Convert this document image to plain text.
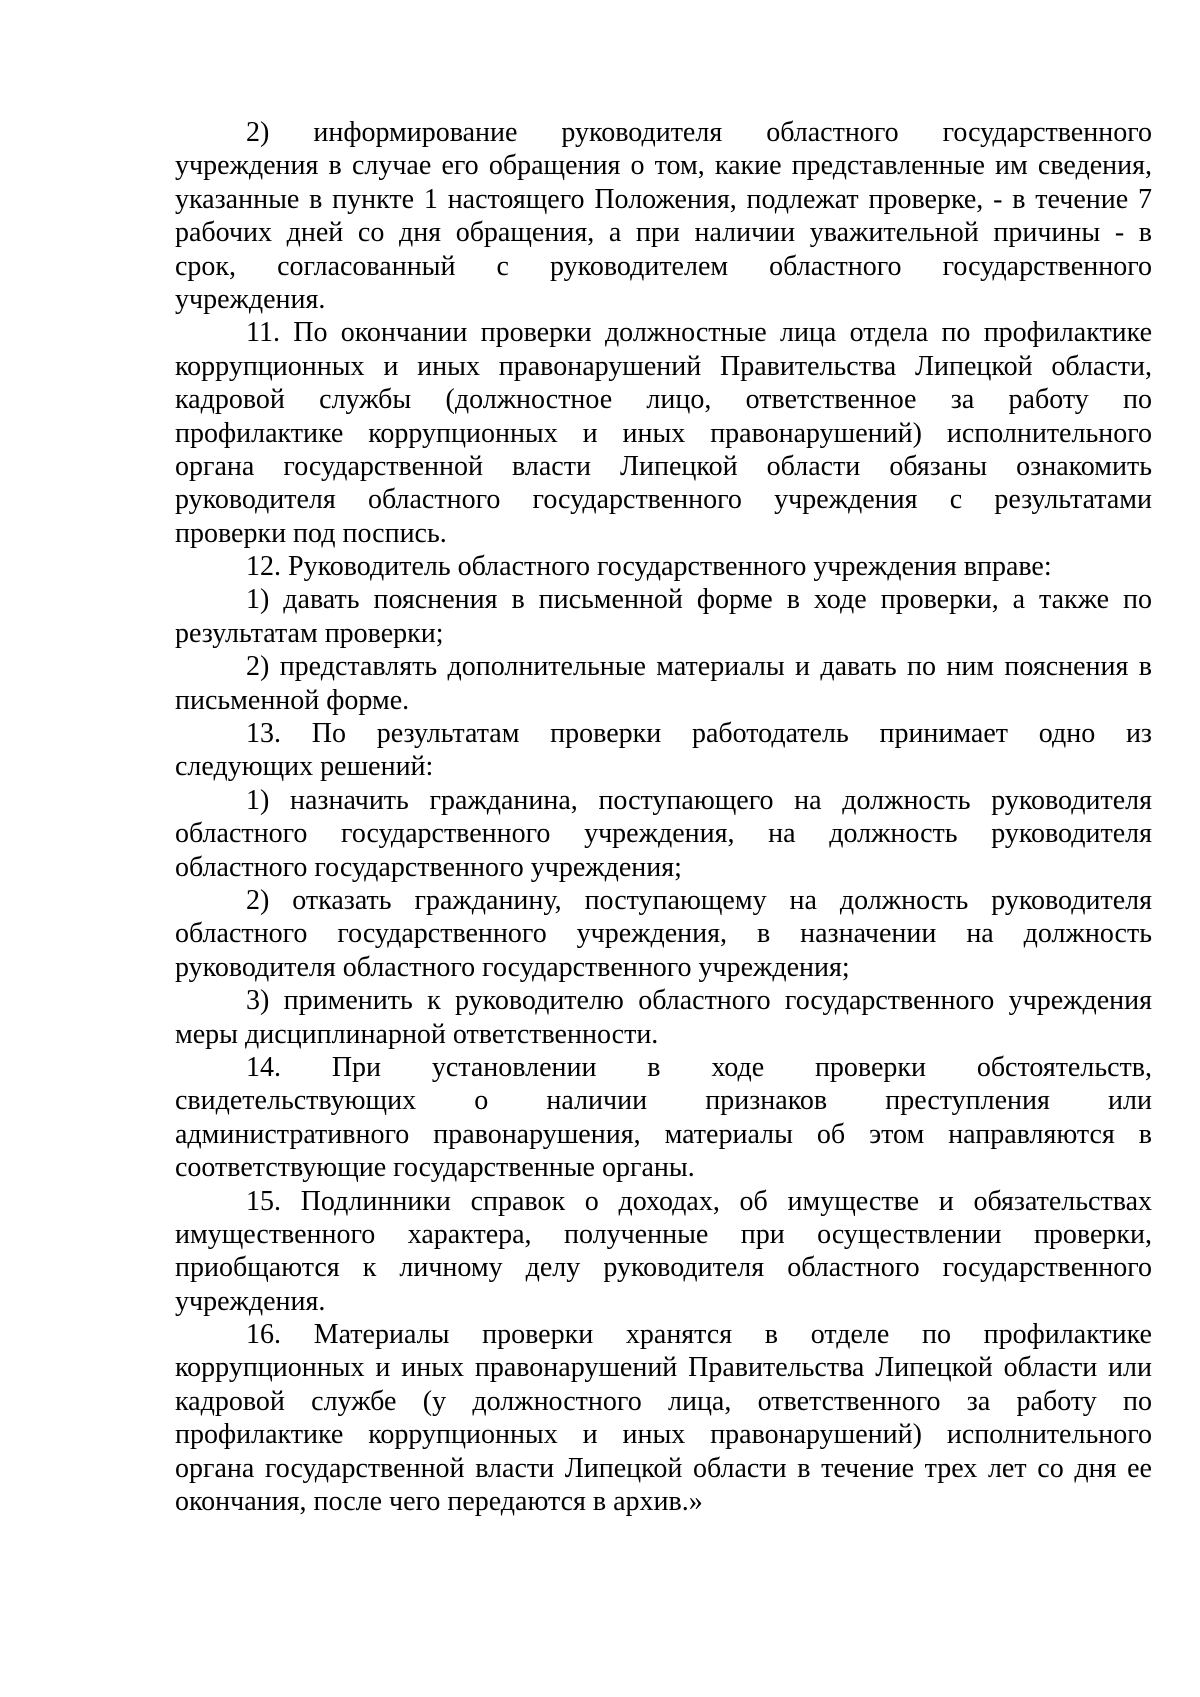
2) информирование руководителя областного государственного
учреждения в случае его обращения о том, какие представленные им сведения,
указанные в пункте 1 настоящего Положения, подлежат проверке, - в течение 7
рабочих дней со дня обращения, а при наличии уважительной причины - в
срок, согласованный с руководителем областного государственного
учреждения.
11. По окончании проверки должностные лица отдела по профилактике
коррупционных и иных правонарушений Правительства Липецкой области,
кадровой службы (должностное лицо, ответственное за работу по
профилактике коррупционных и иных правонарушений) исполнительного
органа государственной власти Липецкой области обязаны ознакомить
руководителя областного государственного учреждения с результатами
проверки под поспись.
12. Руководитель областного государственного учреждения вправе:
1) давать пояснения в письменной форме в ходе проверки, а также по
результатам проверки;
2) представлять дополнительные материалы и давать по ним пояснения в
письменной форме.
13. По результатам проверки работодатель принимает одно из
следующих решений:
1) назначить гражданина, поступающего на должность руководителя
областного государственного учреждения, на должность руководителя
областного государственного учреждения;
2) отказать гражданину, поступающему на должность руководителя
областного государственного учреждения, в назначении на должность
руководителя областного государственного учреждения;
3) применить к руководителю областного государственного учреждения
меры дисциплинарной ответственности.
14. При установлении в ходе проверки обстоятельств,
свидетельствующих о наличии признаков преступления или
административного правонарушения, материалы об этом направляются в
соответствующие государственные органы.
15. Подлинники справок о доходах, об имуществе и обязательствах
имущественного характера, полученные при осуществлении проверки,
приобщаются к личному делу руководителя областного государственного
учреждения.
16. Материалы проверки хранятся в отделе по профилактике
коррупционных и иных правонарушений Правительства Липецкой области или
кадровой службе (у должностного лица, ответственного за работу по
профилактике коррупционных и иных правонарушений) исполнительного
органа государственной власти Липецкой области в течение трех лет со дня ее
окончания, после чего передаются в архив.»
